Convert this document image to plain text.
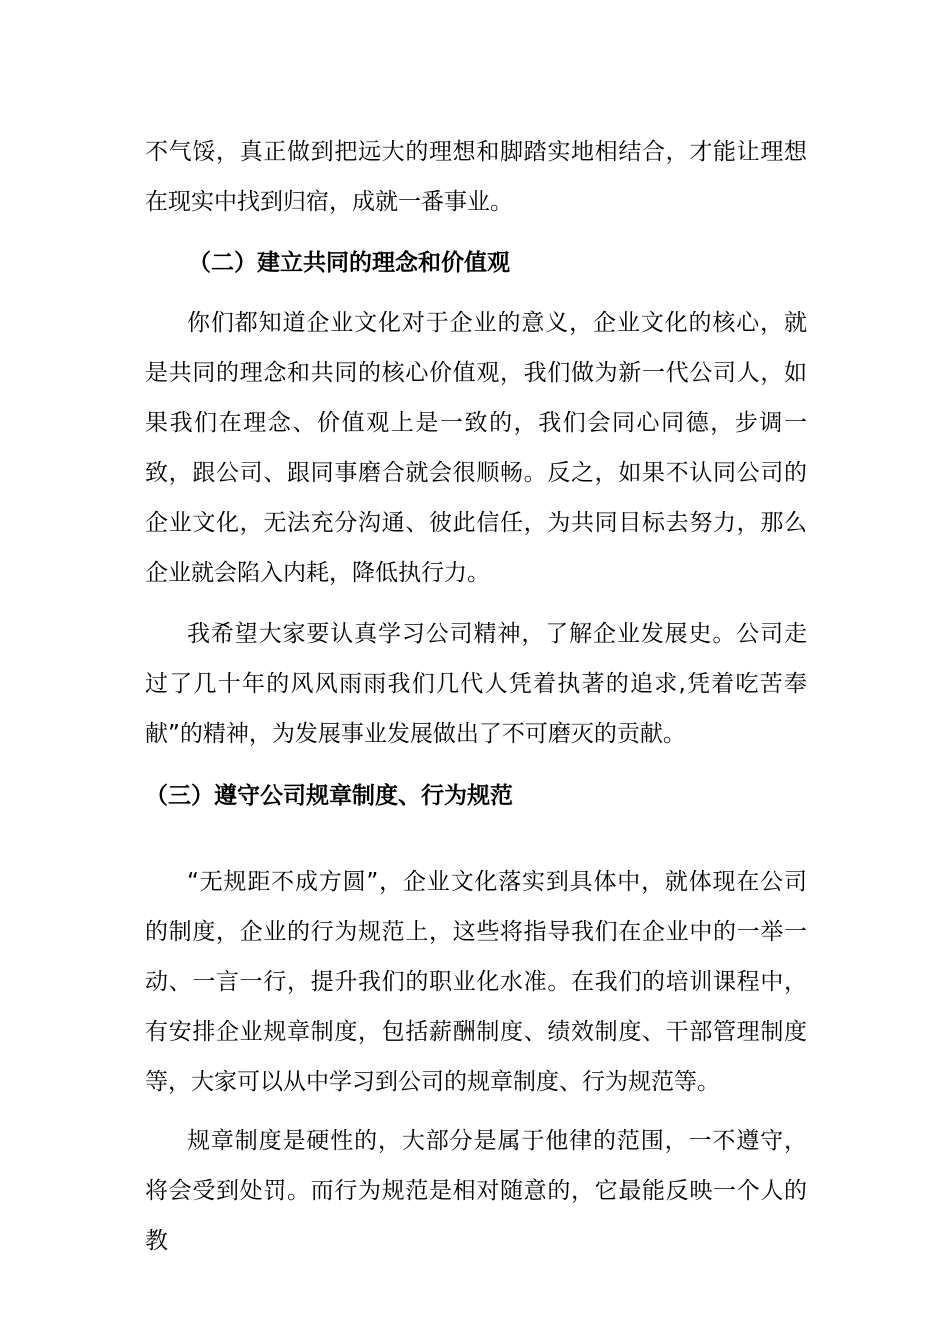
不气馁，真正做到把远大的理想和脚踏实地相结合，才能让理想在现实中找到归宿，成就一番事业。

（二）建立共同的理念和价值观

你们都知道企业文化对于企业的意义，企业文化的核心，就是共同的理念和共同的核心价值观，我们做为新一代公司人，如果我们在理念、价值观上是一致的，我们会同心同德，步调一致，跟公司、跟同事磨合就会很顺畅。反之，如果不认同公司的企业文化，无法充分沟通、彼此信任，为共同目标去努力，那么企业就会陷入内耗，降低执行力。

我希望大家要认真学习公司精神，了解企业发展史。公司走过了几十年的风风雨雨我们几代人凭着执著的追求,凭着吃苦奉献”的精神，为发展事业发展做出了不可磨灭的贡献。

（三）遵守公司规章制度、行为规范

“无规距不成方圆”，企业文化落实到具体中，就体现在公司的制度，企业的行为规范上，这些将指导我们在企业中的一举一动、一言一行，提升我们的职业化水准。在我们的培训课程中，有安排企业规章制度，包括薪酬制度、绩效制度、干部管理制度等，大家可以从中学习到公司的规章制度、行为规范等。

规章制度是硬性的，大部分是属于他律的范围，一不遵守，将会受到处罚。而行为规范是相对随意的，它最能反映一个人的教
